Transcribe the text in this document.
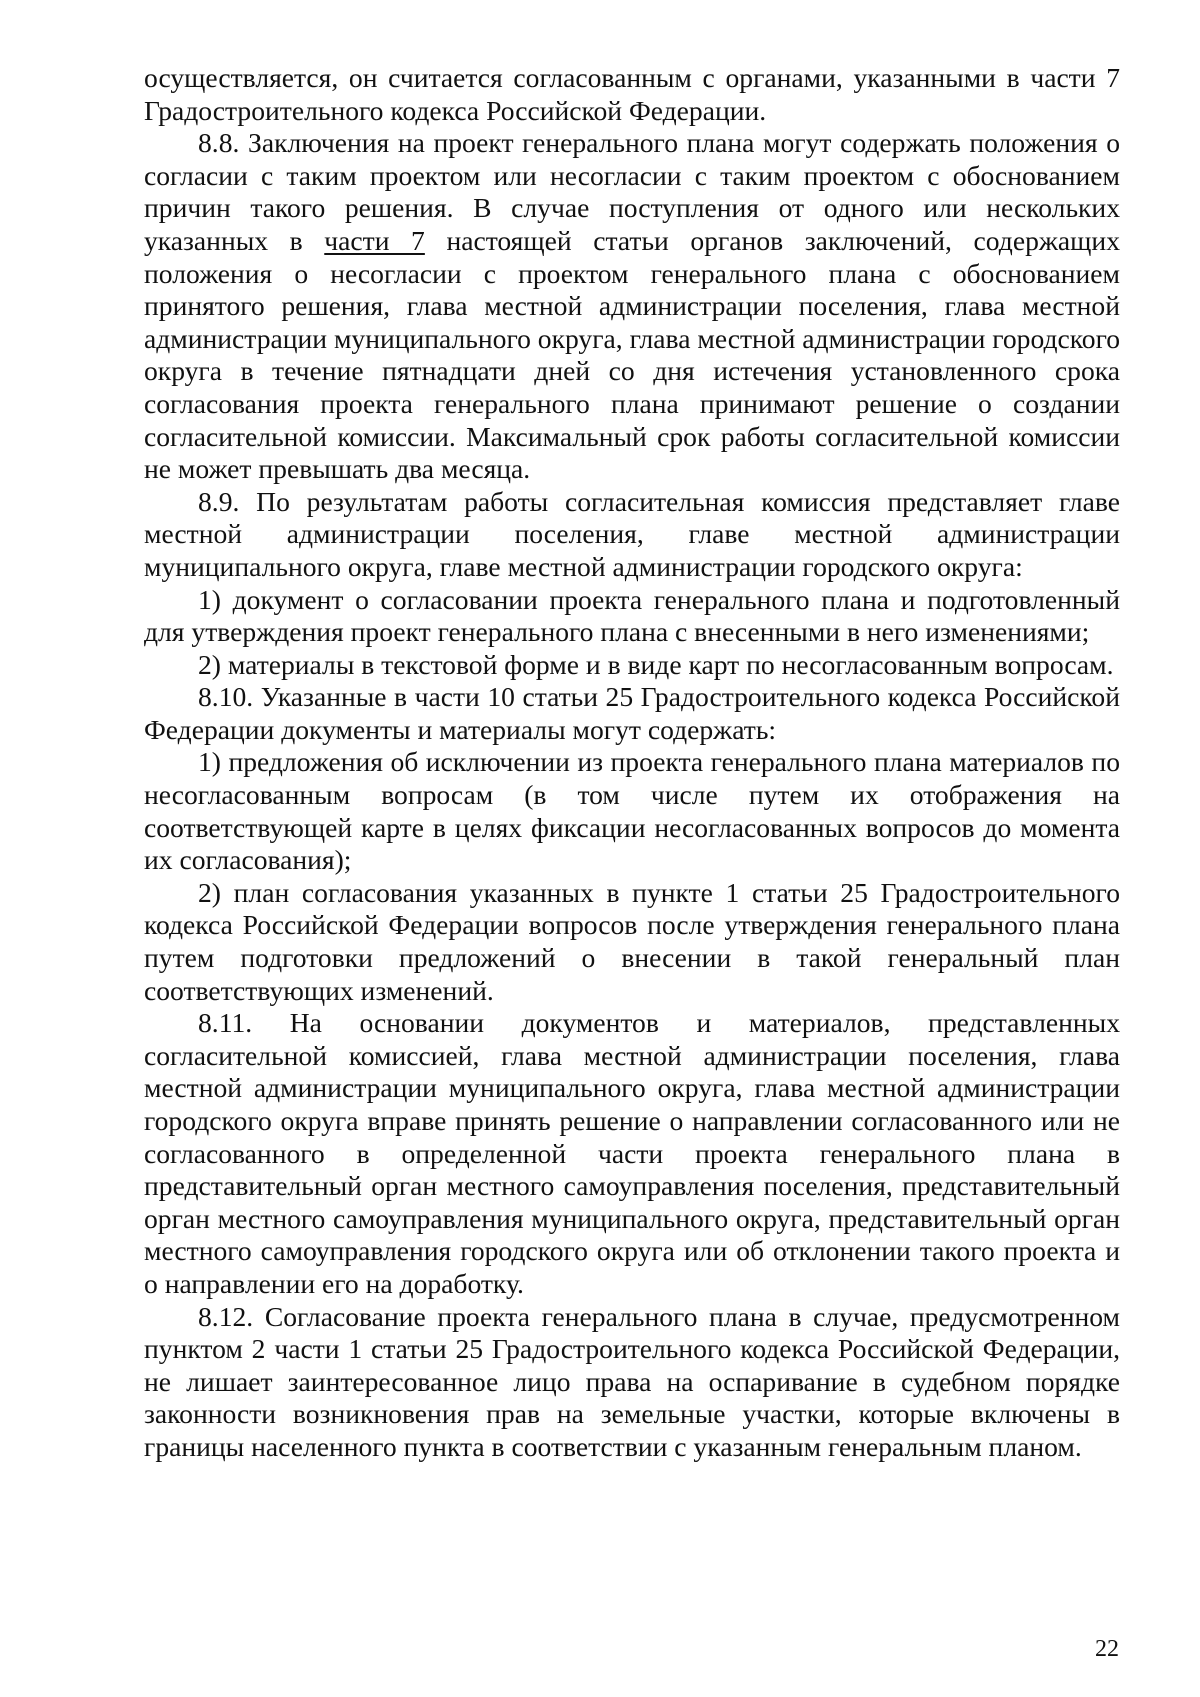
осуществляется, он считается согласованным с органами, указанными в части 7 Градостроительного кодекса Российской Федерации.

8.8. Заключения на проект генерального плана могут содержать положения о согласии с таким проектом или несогласии с таким проектом с обоснованием причин такого решения. В случае поступления от одного или нескольких указанных в части 7 настоящей статьи органов заключений, содержащих положения о несогласии с проектом генерального плана с обоснованием принятого решения, глава местной администрации поселения, глава местной администрации муниципального округа, глава местной администрации городского округа в течение пятнадцати дней со дня истечения установленного срока согласования проекта генерального плана принимают решение о создании согласительной комиссии. Максимальный срок работы согласительной комиссии не может превышать два месяца.

8.9. По результатам работы согласительная комиссия представляет главе местной администрации поселения, главе местной администрации муниципального округа, главе местной администрации городского округа:

1) документ о согласовании проекта генерального плана и подготовленный для утверждения проект генерального плана с внесенными в него изменениями;

2) материалы в текстовой форме и в виде карт по несогласованным вопросам.

8.10. Указанные в части 10 статьи 25 Градостроительного кодекса Российской Федерации документы и материалы могут содержать:

1) предложения об исключении из проекта генерального плана материалов по несогласованным вопросам (в том числе путем их отображения на соответствующей карте в целях фиксации несогласованных вопросов до момента их согласования);

2) план согласования указанных в пункте 1 статьи 25 Градостроительного кодекса Российской Федерации вопросов после утверждения генерального плана путем подготовки предложений о внесении в такой генеральный план соответствующих изменений.

8.11. На основании документов и материалов, представленных согласительной комиссией, глава местной администрации поселения, глава местной администрации муниципального округа, глава местной администрации городского округа вправе принять решение о направлении согласованного или не согласованного в определенной части проекта генерального плана в представительный орган местного самоуправления поселения, представительный орган местного самоуправления муниципального округа, представительный орган местного самоуправления городского округа или об отклонении такого проекта и о направлении его на доработку.

8.12. Согласование проекта генерального плана в случае, предусмотренном пунктом 2 части 1 статьи 25 Градостроительного кодекса Российской Федерации, не лишает заинтересованное лицо права на оспаривание в судебном порядке законности возникновения прав на земельные участки, которые включены в границы населенного пункта в соответствии с указанным генеральным планом.

22
